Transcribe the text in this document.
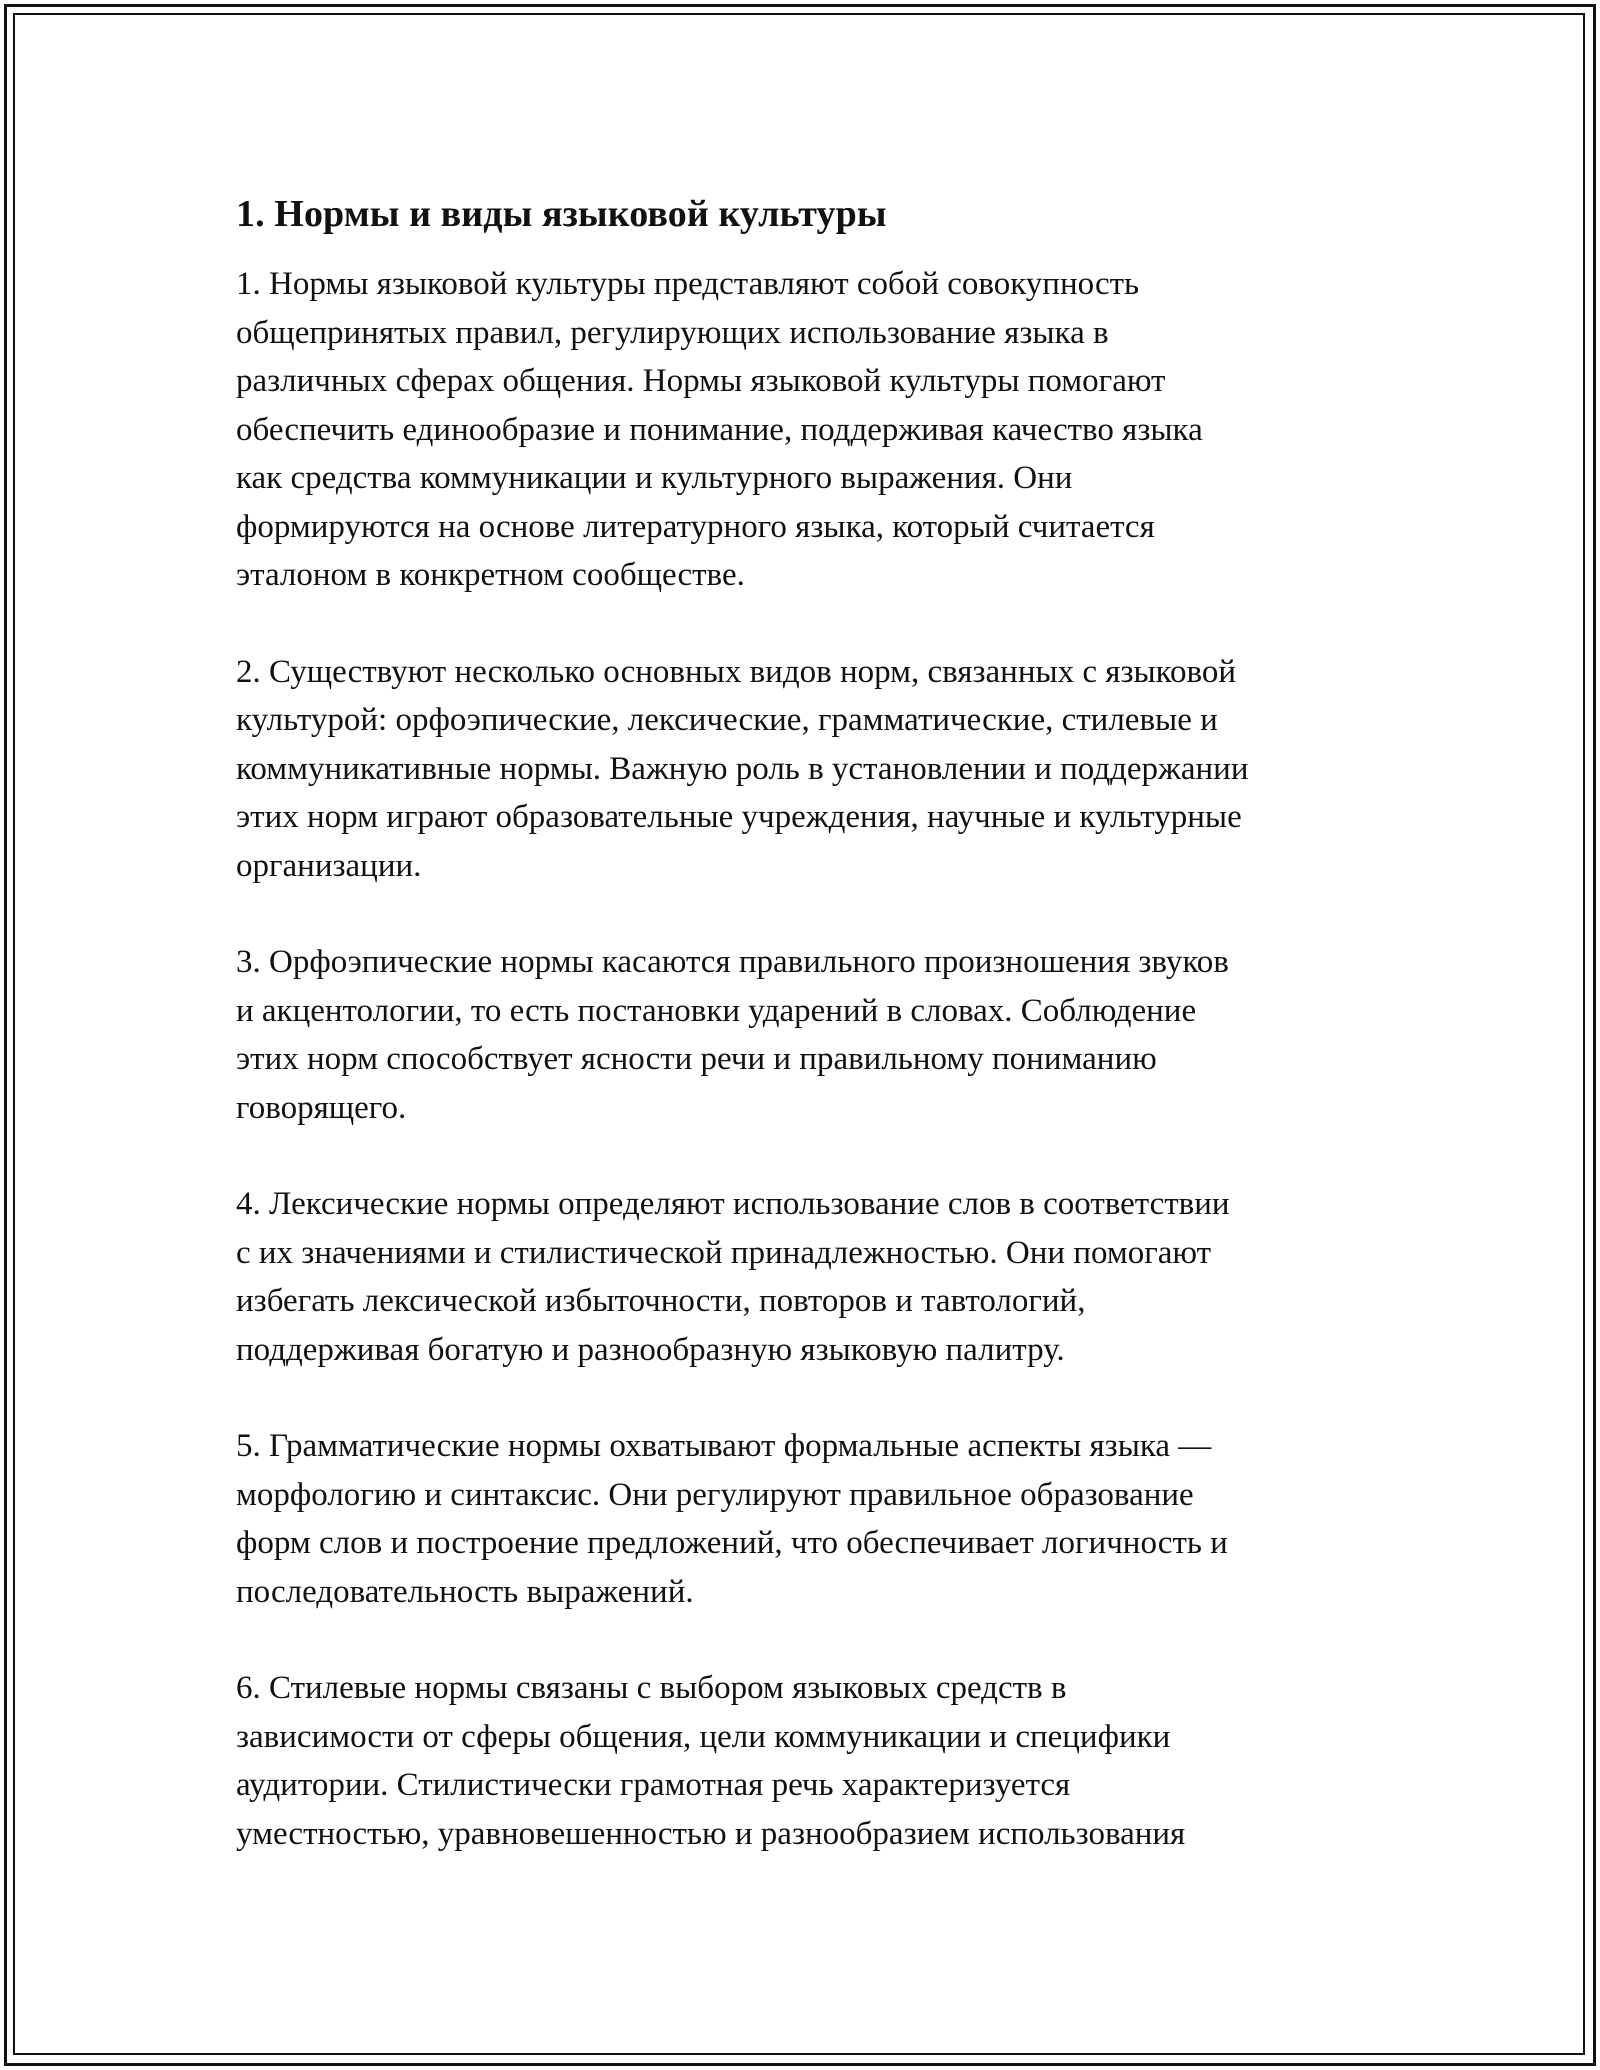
1. Нормы и виды языковой культуры

1. Нормы языковой культуры представляют собой совокупность
общепринятых правил, регулирующих использование языка в
различных сферах общения. Нормы языковой культуры помогают
обеспечить единообразие и понимание, поддерживая качество языка
как средства коммуникации и культурного выражения. Они
формируются на основе литературного языка, который считается
эталоном в конкретном сообществе.

2. Существуют несколько основных видов норм, связанных с языковой
культурой: орфоэпические, лексические, грамматические, стилевые и
коммуникативные нормы. Важную роль в установлении и поддержании
этих норм играют образовательные учреждения, научные и культурные
организации.

3. Орфоэпические нормы касаются правильного произношения звуков
и акцентологии, то есть постановки ударений в словах. Соблюдение
этих норм способствует ясности речи и правильному пониманию
говорящего.

4. Лексические нормы определяют использование слов в соответствии
с их значениями и стилистической принадлежностью. Они помогают
избегать лексической избыточности, повторов и тавтологий,
поддерживая богатую и разнообразную языковую палитру.

5. Грамматические нормы охватывают формальные аспекты языка —
морфологию и синтаксис. Они регулируют правильное образование
форм слов и построение предложений, что обеспечивает логичность и
последовательность выражений.

6. Стилевые нормы связаны с выбором языковых средств в
зависимости от сферы общения, цели коммуникации и специфики
аудитории. Стилистически грамотная речь характеризуется
уместностью, уравновешенностью и разнообразием использования
